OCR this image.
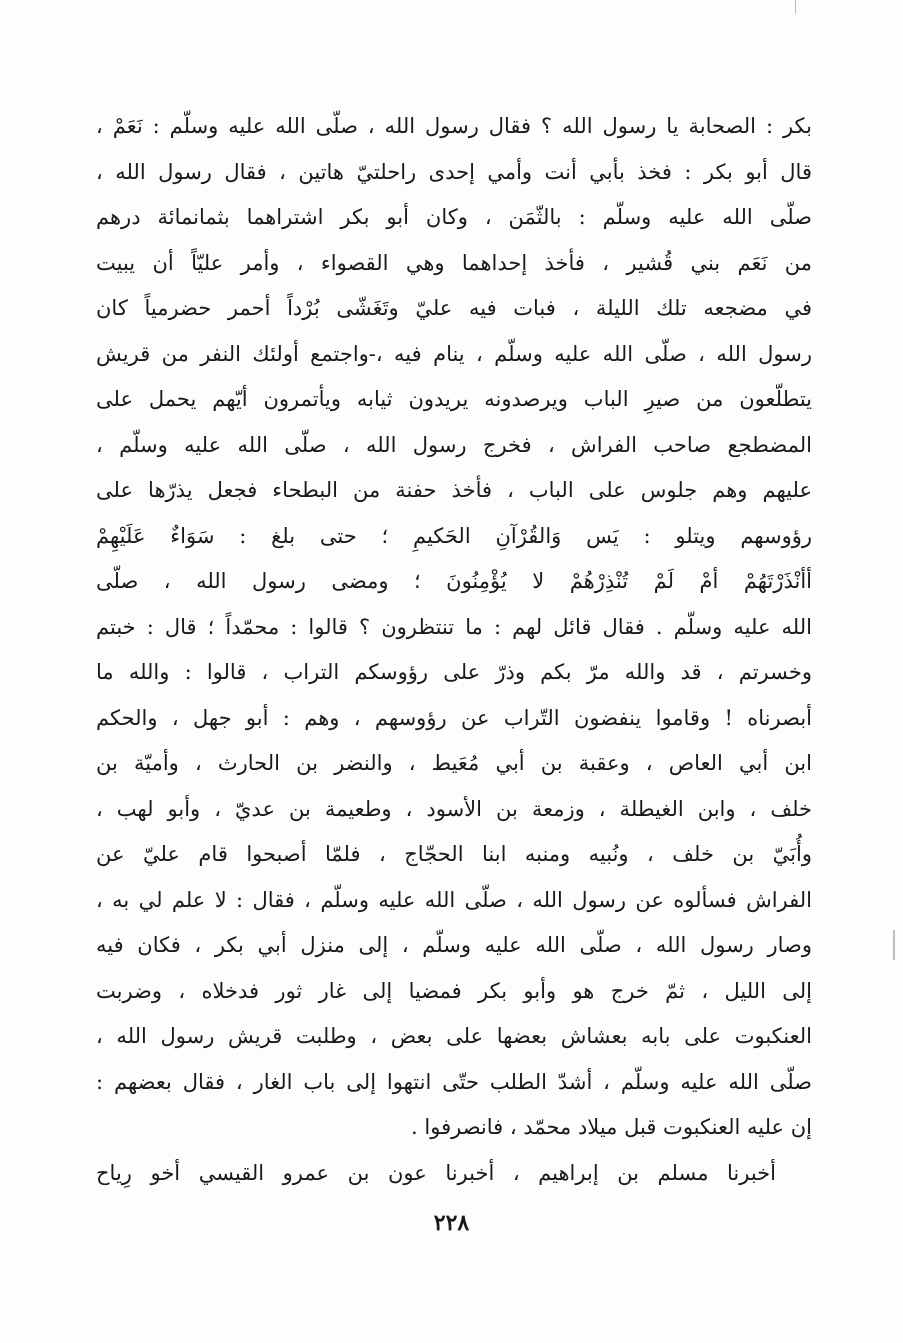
بكر : الصحابة يا رسول الله ؟ فقال رسول الله ، صلّى الله عليه وسلّم : نَعَمْ ،
قال أبو بكر : فخذ بأبي أنت وأمي إحدى راحلتيّ هاتين ، فقال رسول الله ،
صلّى الله عليه وسلّم : بالثّمَن ، وكان أبو بكر اشتراهما بثمانمائة درهم
من نَعَم بني قُشير ، فأخذ إحداهما وهي القصواء ، وأمر عليّاً أن يبيت
في مضجعه تلك الليلة ، فبات فيه عليّ وتَغَشّى بُرْداً أحمر حضرمياً كان
رسول الله ، صلّى الله عليه وسلّم ، ينام فيه ،-واجتمع أولئك النفر من قريش
يتطلّعون من صيرِ الباب ويرصدونه يريدون ثيابه ويأتمرون أيّهم يحمل على
المضطجع صاحب الفراش ، فخرج رسول الله ، صلّى الله عليه وسلّم ،
عليهم وهم جلوس على الباب ، فأخذ حفنة من البطحاء فجعل يذرّها على
رؤوسهم ويتلو : يَس وَالقُرْآنِ الحَكيمِ ؛ حتى بلغ : سَوَاءٌ عَلَيْهِمْ
أأنْذَرْتَهُمْ أمْ لَمْ تُنْذِرْهُمْ لا يُؤْمِنُونَ ؛ ومضى رسول الله ، صلّى
الله عليه وسلّم . فقال قائل لهم : ما تنتظرون ؟ قالوا : محمّداً ؛ قال : خبتم
وخسرتم ، قد والله مرّ بكم وذرّ على رؤوسكم التراب ، قالوا : والله ما
أبصرناه ! وقاموا ينفضون التّراب عن رؤوسهم ، وهم : أبو جهل ، والحكم
ابن أبي العاص ، وعقبة بن أبي مُعَيط ، والنضر بن الحارث ، وأميّة بن
خلف ، وابن الغيطلة ، وزمعة بن الأسود ، وطعيمة بن عديّ ، وأبو لهب ،
وأُبَيّ بن خلف ، ونُبيه ومنبه ابنا الحجّاج ، فلمّا أصبحوا قام عليّ عن
الفراش فسألوه عن رسول الله ، صلّى الله عليه وسلّم ، فقال : لا علم لي به ،
وصار رسول الله ، صلّى الله عليه وسلّم ، إلى منزل أبي بكر ، فكان فيه
إلى الليل ، ثمّ خرج هو وأبو بكر فمضيا إلى غار ثور فدخلاه ، وضربت
العنكبوت على بابه بعشاش بعضها على بعض ، وطلبت قريش رسول الله ،
صلّى الله عليه وسلّم ، أشدّ الطلب حتّى انتهوا إلى باب الغار ، فقال بعضهم :
إن عليه العنكبوت قبل ميلاد محمّد ، فانصرفوا .
أخبرنا مسلم بن إبراهيم ، أخبرنا عون بن عمرو القيسي أخو رِياح
٢٢٨
